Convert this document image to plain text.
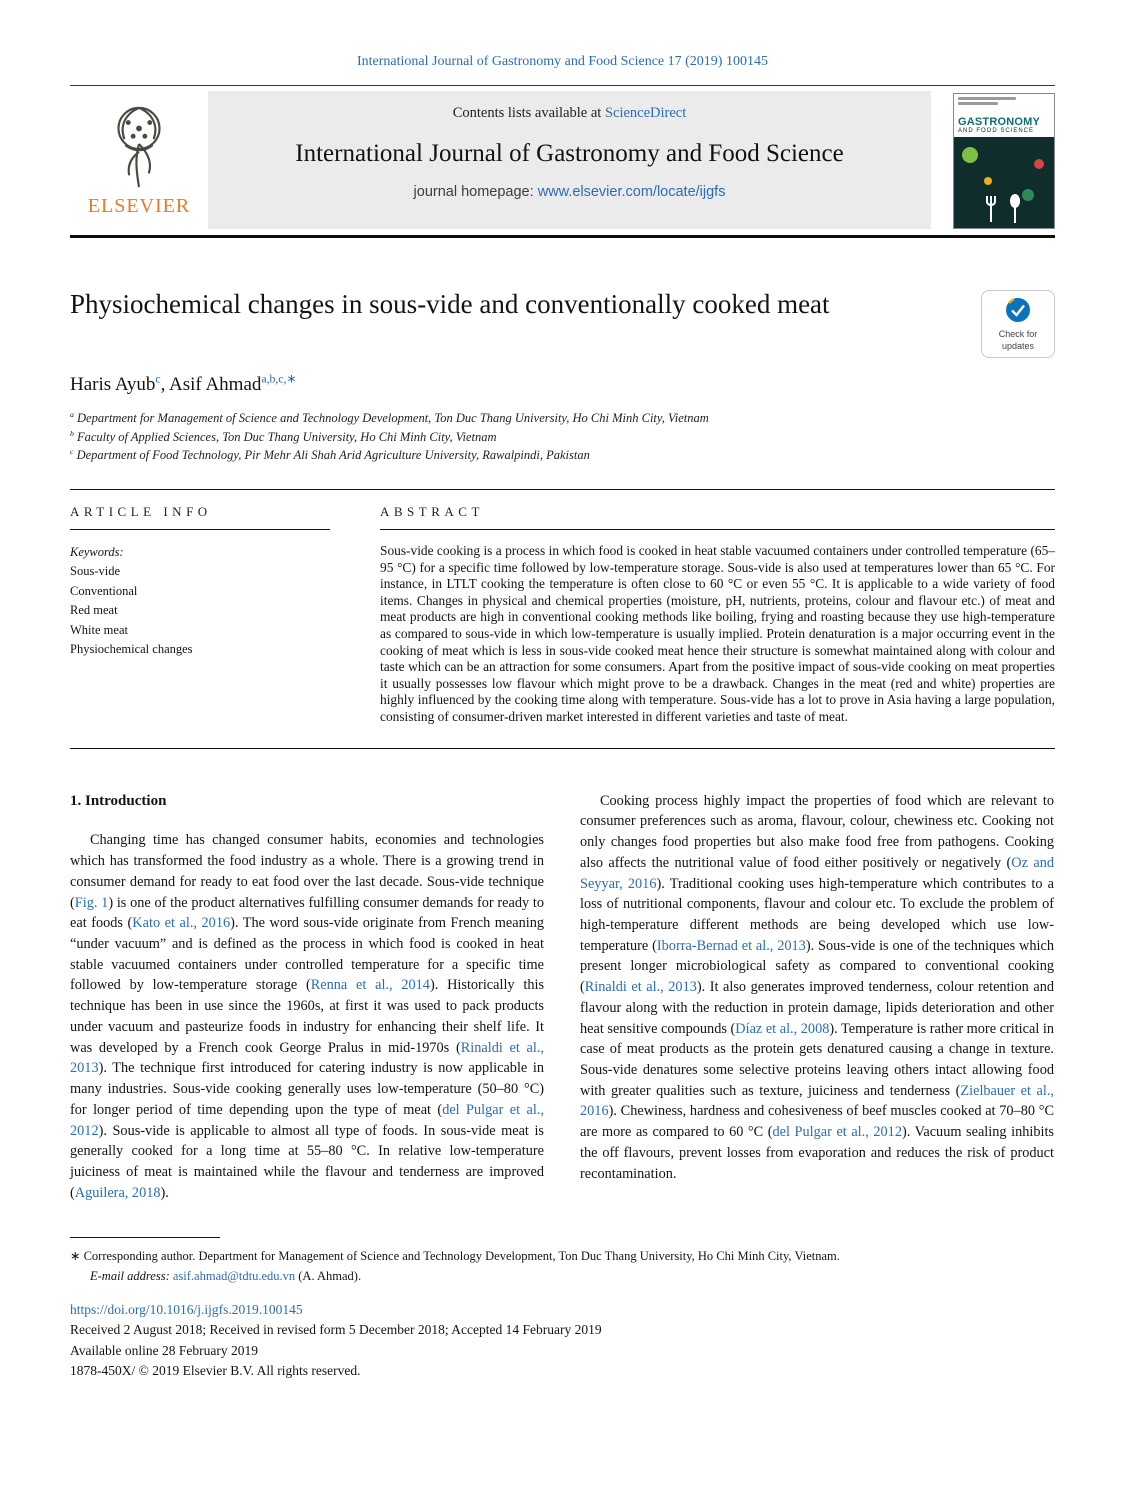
International Journal of Gastronomy and Food Science 17 (2019) 100145
ELSEVIER
Contents lists available at ScienceDirect
International Journal of Gastronomy and Food Science
journal homepage: www.elsevier.com/locate/ijgfs
GASTRONOMY
AND FOOD SCIENCE
Physiochemical changes in sous-vide and conventionally cooked meat
Check for
updates
Haris Ayub$^c$, Asif Ahmad$^{a,b,c,∗}$
$^a$ Department for Management of Science and Technology Development, Ton Duc Thang University, Ho Chi Minh City, Vietnam
$^b$ Faculty of Applied Sciences, Ton Duc Thang University, Ho Chi Minh City, Vietnam
$^c$ Department of Food Technology, Pir Mehr Ali Shah Arid Agriculture University, Rawalpindi, Pakistan
ARTICLE INFO
Keywords:
Sous-vide
Conventional
Red meat
White meat
Physiochemical changes
ABSTRACT
Sous-vide cooking is a process in which food is cooked in heat stable vacuumed containers under controlled temperature (65–95 °C) for a specific time followed by low-temperature storage. Sous-vide is also used at temperatures lower than 65 °C. For instance, in LTLT cooking the temperature is often close to 60 °C or even 55 °C. It is applicable to a wide variety of food items. Changes in physical and chemical properties (moisture, pH, nutrients, proteins, colour and flavour etc.) of meat and meat products are high in conventional cooking methods like boiling, frying and roasting because they use high-temperature as compared to sous-vide in which low-temperature is usually implied. Protein denaturation is a major occurring event in the cooking of meat which is less in sous-vide cooked meat hence their structure is somewhat maintained along with colour and taste which can be an attraction for some consumers. Apart from the positive impact of sous-vide cooking on meat properties it usually possesses low flavour which might prove to be a drawback. Changes in the meat (red and white) properties are highly influenced by the cooking time along with temperature. Sous-vide has a lot to prove in Asia having a large population, consisting of consumer-driven market interested in different varieties and taste of meat.
1. Introduction

Changing time has changed consumer habits, economies and technologies which has transformed the food industry as a whole. There is a growing trend in consumer demand for ready to eat food over the last decade. Sous-vide technique (Fig. 1) is one of the product alternatives fulfilling consumer demands for ready to eat foods (Kato et al., 2016). The word sous-vide originate from French meaning “under vacuum” and is defined as the process in which food is cooked in heat stable vacuumed containers under controlled temperature for a specific time followed by low-temperature storage (Renna et al., 2014). Historically this technique has been in use since the 1960s, at first it was used to pack products under vacuum and pasteurize foods in industry for enhancing their shelf life. It was developed by a French cook George Pralus in mid-1970s (Rinaldi et al., 2013). The technique first introduced for catering industry is now applicable in many industries. Sous-vide cooking generally uses low-temperature (50–80 °C) for longer period of time depending upon the type of meat (del Pulgar et al., 2012). Sous-vide is applicable to almost all type of foods. In sous-vide meat is generally cooked for a long time at 55–80 °C. In relative low-temperature juiciness of meat is maintained while the flavour and tenderness are improved (Aguilera, 2018).

Cooking process highly impact the properties of food which are relevant to consumer preferences such as aroma, flavour, colour, chewiness etc. Cooking not only changes food properties but also make food free from pathogens. Cooking also affects the nutritional value of food either positively or negatively (Oz and Seyyar, 2016). Traditional cooking uses high-temperature which contributes to a loss of nutritional components, flavour and colour etc. To exclude the problem of high-temperature different methods are being developed which use low-temperature (Iborra-Bernad et al., 2013). Sous-vide is one of the techniques which present longer microbiological safety as compared to conventional cooking (Rinaldi et al., 2013). It also generates improved tenderness, colour retention and flavour along with the reduction in protein damage, lipids deterioration and other heat sensitive compounds (Díaz et al., 2008). Temperature is rather more critical in case of meat products as the protein gets denatured causing a change in texture. Sous-vide denatures some selective proteins leaving others intact allowing food with greater qualities such as texture, juiciness and tenderness (Zielbauer et al., 2016). Chewiness, hardness and cohesiveness of beef muscles cooked at 70–80 °C are more as compared to 60 °C (del Pulgar et al., 2012). Vacuum sealing inhibits the off flavours, prevent losses from evaporation and reduces the risk of product recontamination.

∗ Corresponding author. Department for Management of Science and Technology Development, Ton Duc Thang University, Ho Chi Minh City, Vietnam.
E-mail address: asif.ahmad@tdtu.edu.vn (A. Ahmad).
https://doi.org/10.1016/j.ijgfs.2019.100145
Received 2 August 2018; Received in revised form 5 December 2018; Accepted 14 February 2019
Available online 28 February 2019
1878-450X/ © 2019 Elsevier B.V. All rights reserved.
